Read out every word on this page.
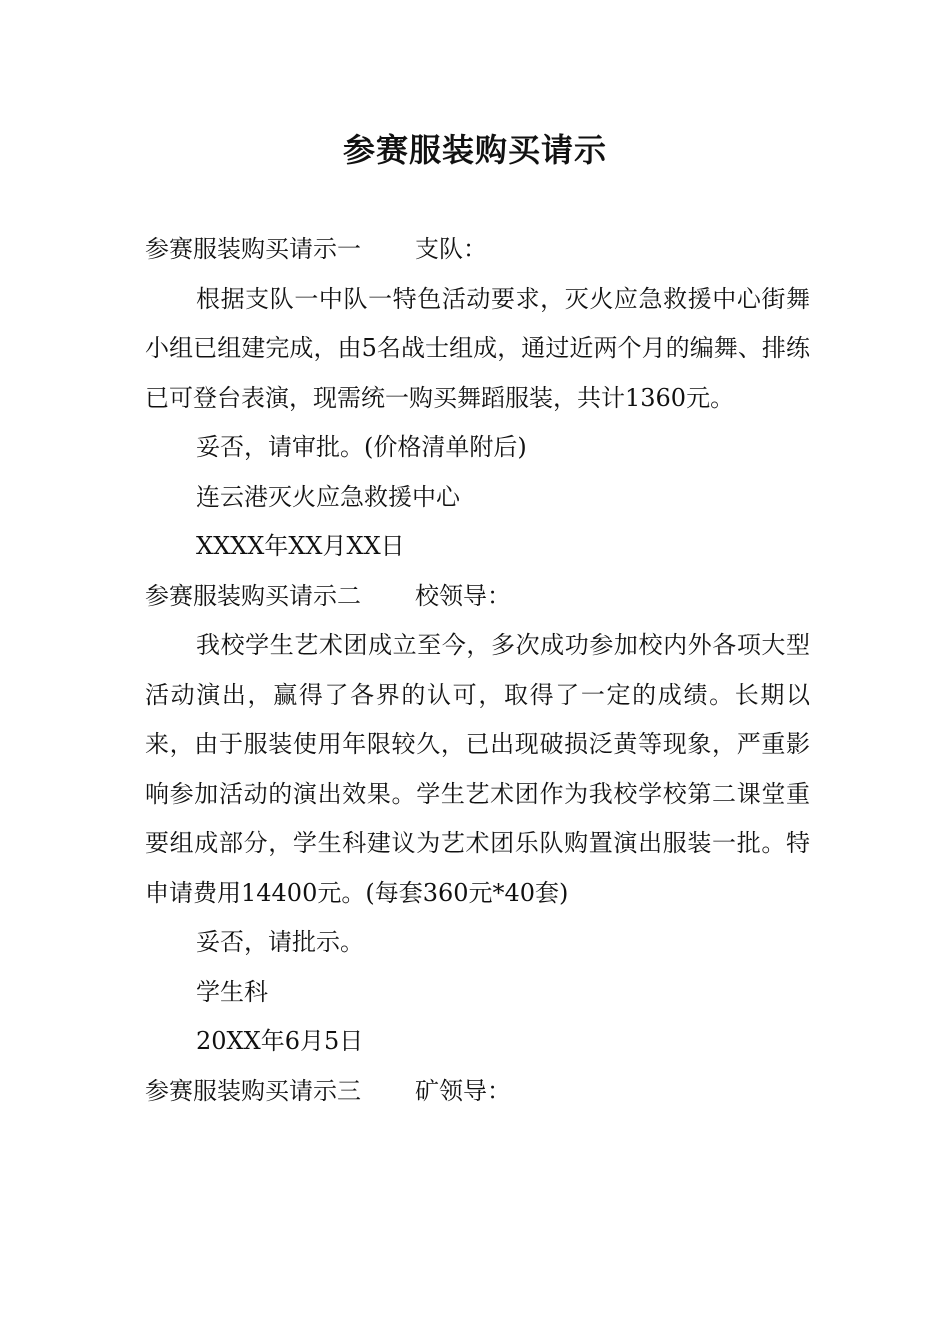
参赛服装购买请示

参赛服装购买请示一 支队：

根据支队一中队一特色活动要求，灭火应急救援中心街舞小组已组建完成，由5名战士组成，通过近两个月的编舞、排练已可登台表演，现需统一购买舞蹈服装，共计1360元。

妥否，请审批。(价格清单附后)

连云港灭火应急救援中心

XXXX年XX月XX日

参赛服装购买请示二 校领导：

我校学生艺术团成立至今，多次成功参加校内外各项大型活动演出，赢得了各界的认可，取得了一定的成绩。长期以来，由于服装使用年限较久，已出现破损泛黄等现象，严重影响参加活动的演出效果。学生艺术团作为我校学校第二课堂重要组成部分，学生科建议为艺术团乐队购置演出服装一批。特申请费用14400元。(每套360元*40套)

妥否，请批示。

学生科

20XX年6月5日

参赛服装购买请示三 矿领导：
